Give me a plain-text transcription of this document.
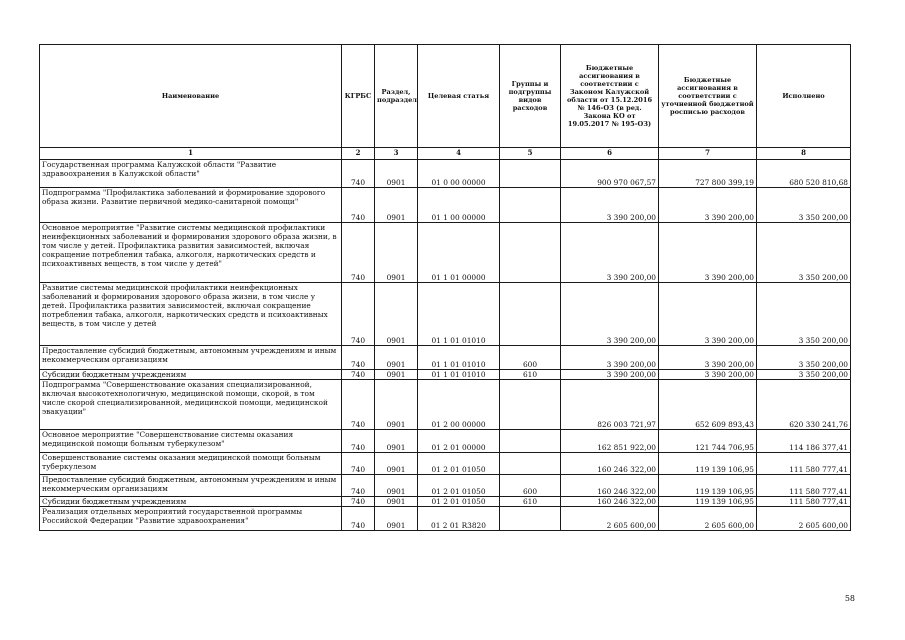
Наименование	КГРБС	Раздел, подраздел	Целевая статья	Группы и подгруппы видов расходов	Бюджетные ассигнования в соответствии с Законом Калужской области от 15.12.2016 № 146-ОЗ (в ред. Закона КО от 19.05.2017 № 195-ОЗ)	Бюджетные ассигнования в соответствии с уточненной бюджетной росписью расходов	Исполнено
1	2	3	4	5	6	7	8
Государственная программа Калужской области "Развитие здравоохранения в Калужской области"	740	0901	01 0 00 00000		900 970 067,57	727 800 399,19	680 520 810,68
Подпрограмма "Профилактика заболеваний и формирование здорового образа жизни. Развитие первичной медико-санитарной помощи"	740	0901	01 1 00 00000		3 390 200,00	3 390 200,00	3 350 200,00
Основное мероприятие "Развитие системы медицинской профилактики неинфекционных заболеваний и формирования здорового образа жизни, в том числе у детей. Профилактика развития зависимостей, включая сокращение потребления табака, алкоголя, наркотических средств и психоактивных веществ, в том числе у детей"	740	0901	01 1 01 00000		3 390 200,00	3 390 200,00	3 350 200,00
Развитие системы медицинской профилактики неинфекционных заболеваний и формирования здорового образа жизни, в том числе у детей. Профилактика развития зависимостей, включая сокращение потребления табака, алкоголя, наркотических средств и психоактивных веществ, в том числе у детей	740	0901	01 1 01 01010		3 390 200,00	3 390 200,00	3 350 200,00
Предоставление субсидий бюджетным, автономным учреждениям и иным некоммерческим организациям	740	0901	01 1 01 01010	600	3 390 200,00	3 390 200,00	3 350 200,00
Субсидии бюджетным учреждениям	740	0901	01 1 01 01010	610	3 390 200,00	3 390 200,00	3 350 200,00
Подпрограмма "Совершенствование оказания специализированной, включая высокотехнологичную, медицинской помощи, скорой, в том числе скорой специализированной, медицинской помощи, медицинской эвакуации"	740	0901	01 2 00 00000		826 003 721,97	652 609 893,43	620 330 241,76
Основное мероприятие "Совершенствование системы оказания медицинской помощи больным туберкулезом"	740	0901	01 2 01 00000		162 851 922,00	121 744 706,95	114 186 377,41
Совершенствование системы оказания медицинской помощи больным туберкулезом	740	0901	01 2 01 01050		160 246 322,00	119 139 106,95	111 580 777,41
Предоставление субсидий бюджетным, автономным учреждениям и иным некоммерческим организациям	740	0901	01 2 01 01050	600	160 246 322,00	119 139 106,95	111 580 777,41
Субсидии бюджетным учреждениям	740	0901	01 2 01 01050	610	160 246 322,00	119 139 106,95	111 580 777,41
Реализация отдельных мероприятий государственной программы Российской Федерации "Развитие здравоохранения"	740	0901	01 2 01 R3820		2 605 600,00	2 605 600,00	2 605 600,00
58
